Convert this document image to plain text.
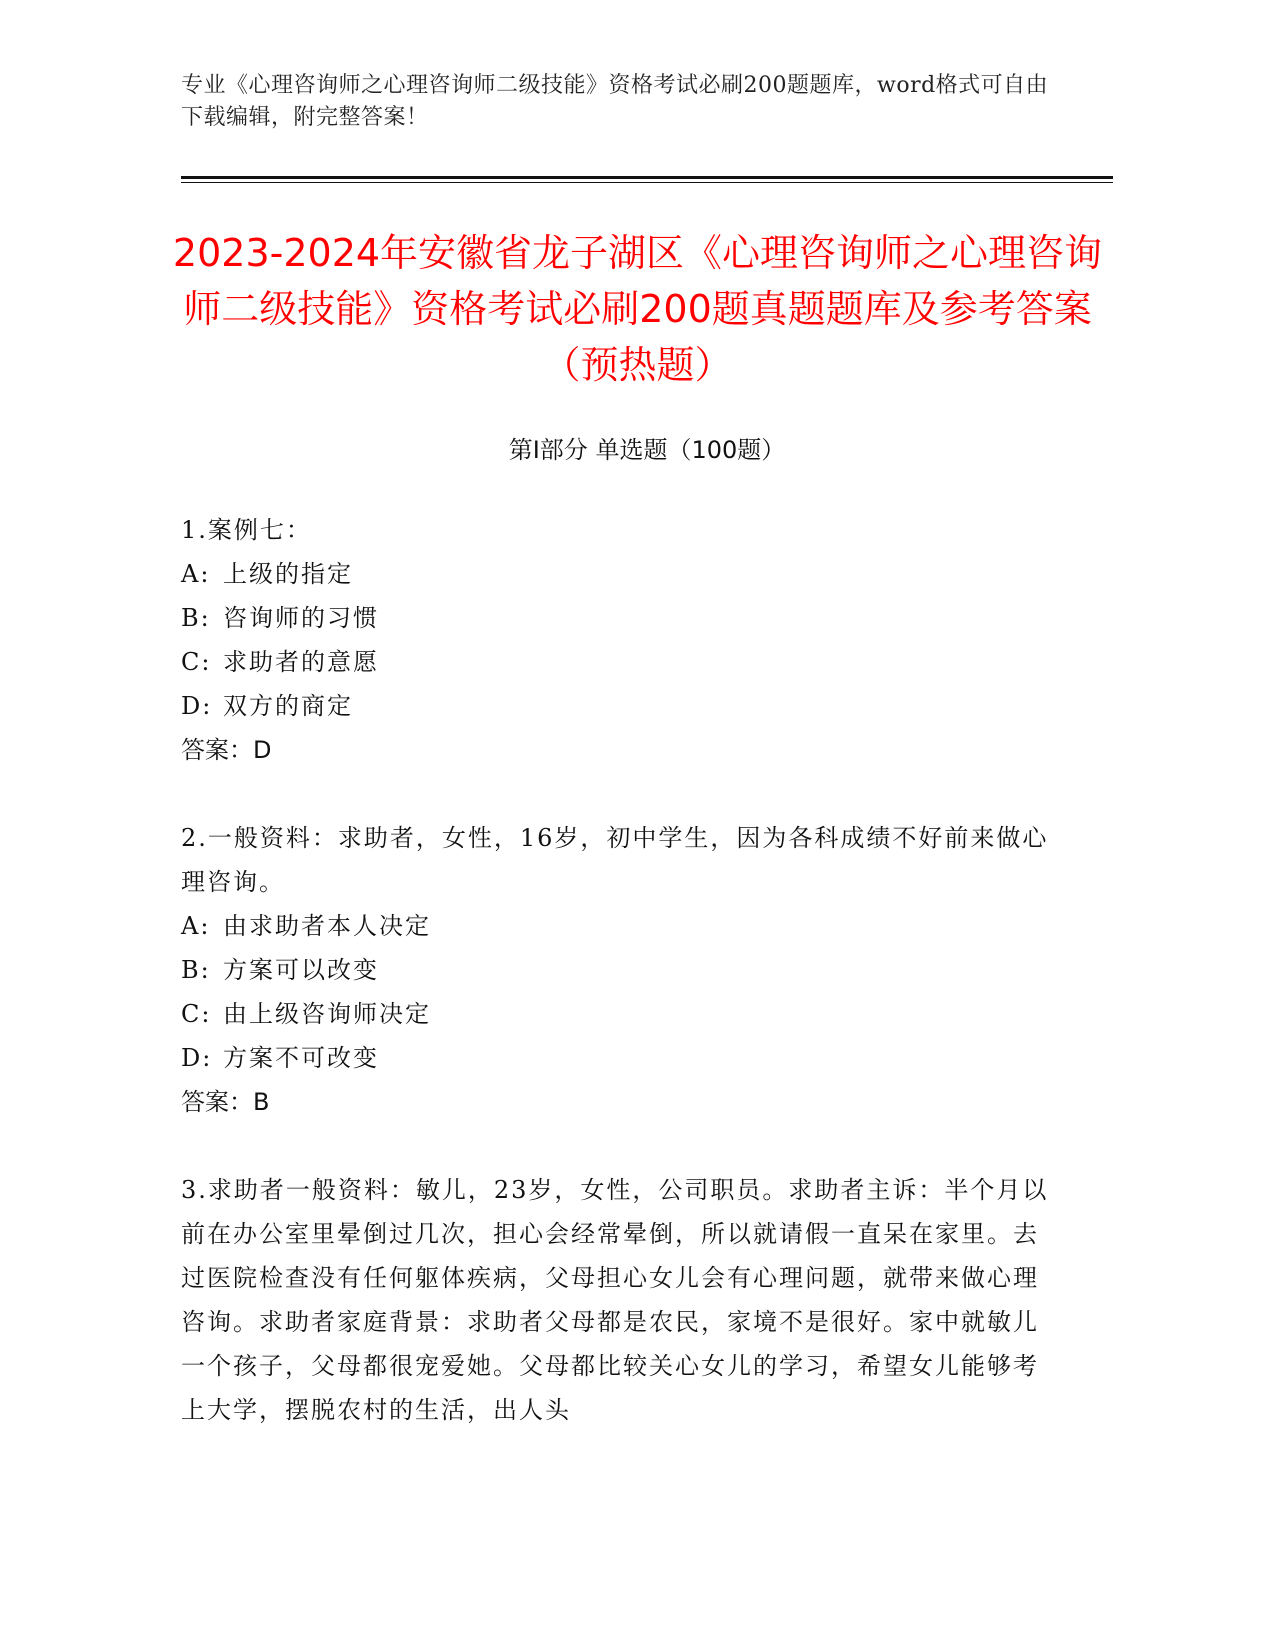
专业《心理咨询师之心理咨询师二级技能》资格考试必刷200题题库，word格式可自由下载编辑，附完整答案！
2023-2024年安徽省龙子湖区《心理咨询师之心理咨询师二级技能》资格考试必刷200题真题题库及参考答案（预热题）
第I部分 单选题（100题）

1.案例七：

A: 上级的指定

B: 咨询师的习惯

C: 求助者的意愿

D: 双方的商定

答案：D

2.一般资料：求助者，女性，16岁，初中学生，因为各科成绩不好前来做心理咨询。

A: 由求助者本人决定

B: 方案可以改变

C: 由上级咨询师决定

D: 方案不可改变

答案：B

3.求助者一般资料：敏儿，23岁，女性，公司职员。求助者主诉：半个月以前在办公室里晕倒过几次，担心会经常晕倒，所以就请假一直呆在家里。去过医院检查没有任何躯体疾病，父母担心女儿会有心理问题，就带来做心理咨询。求助者家庭背景：求助者父母都是农民，家境不是很好。家中就敏儿一个孩子，父母都很宠爱她。父母都比较关心女儿的学习，希望女儿能够考上大学，摆脱农村的生活，出人头
